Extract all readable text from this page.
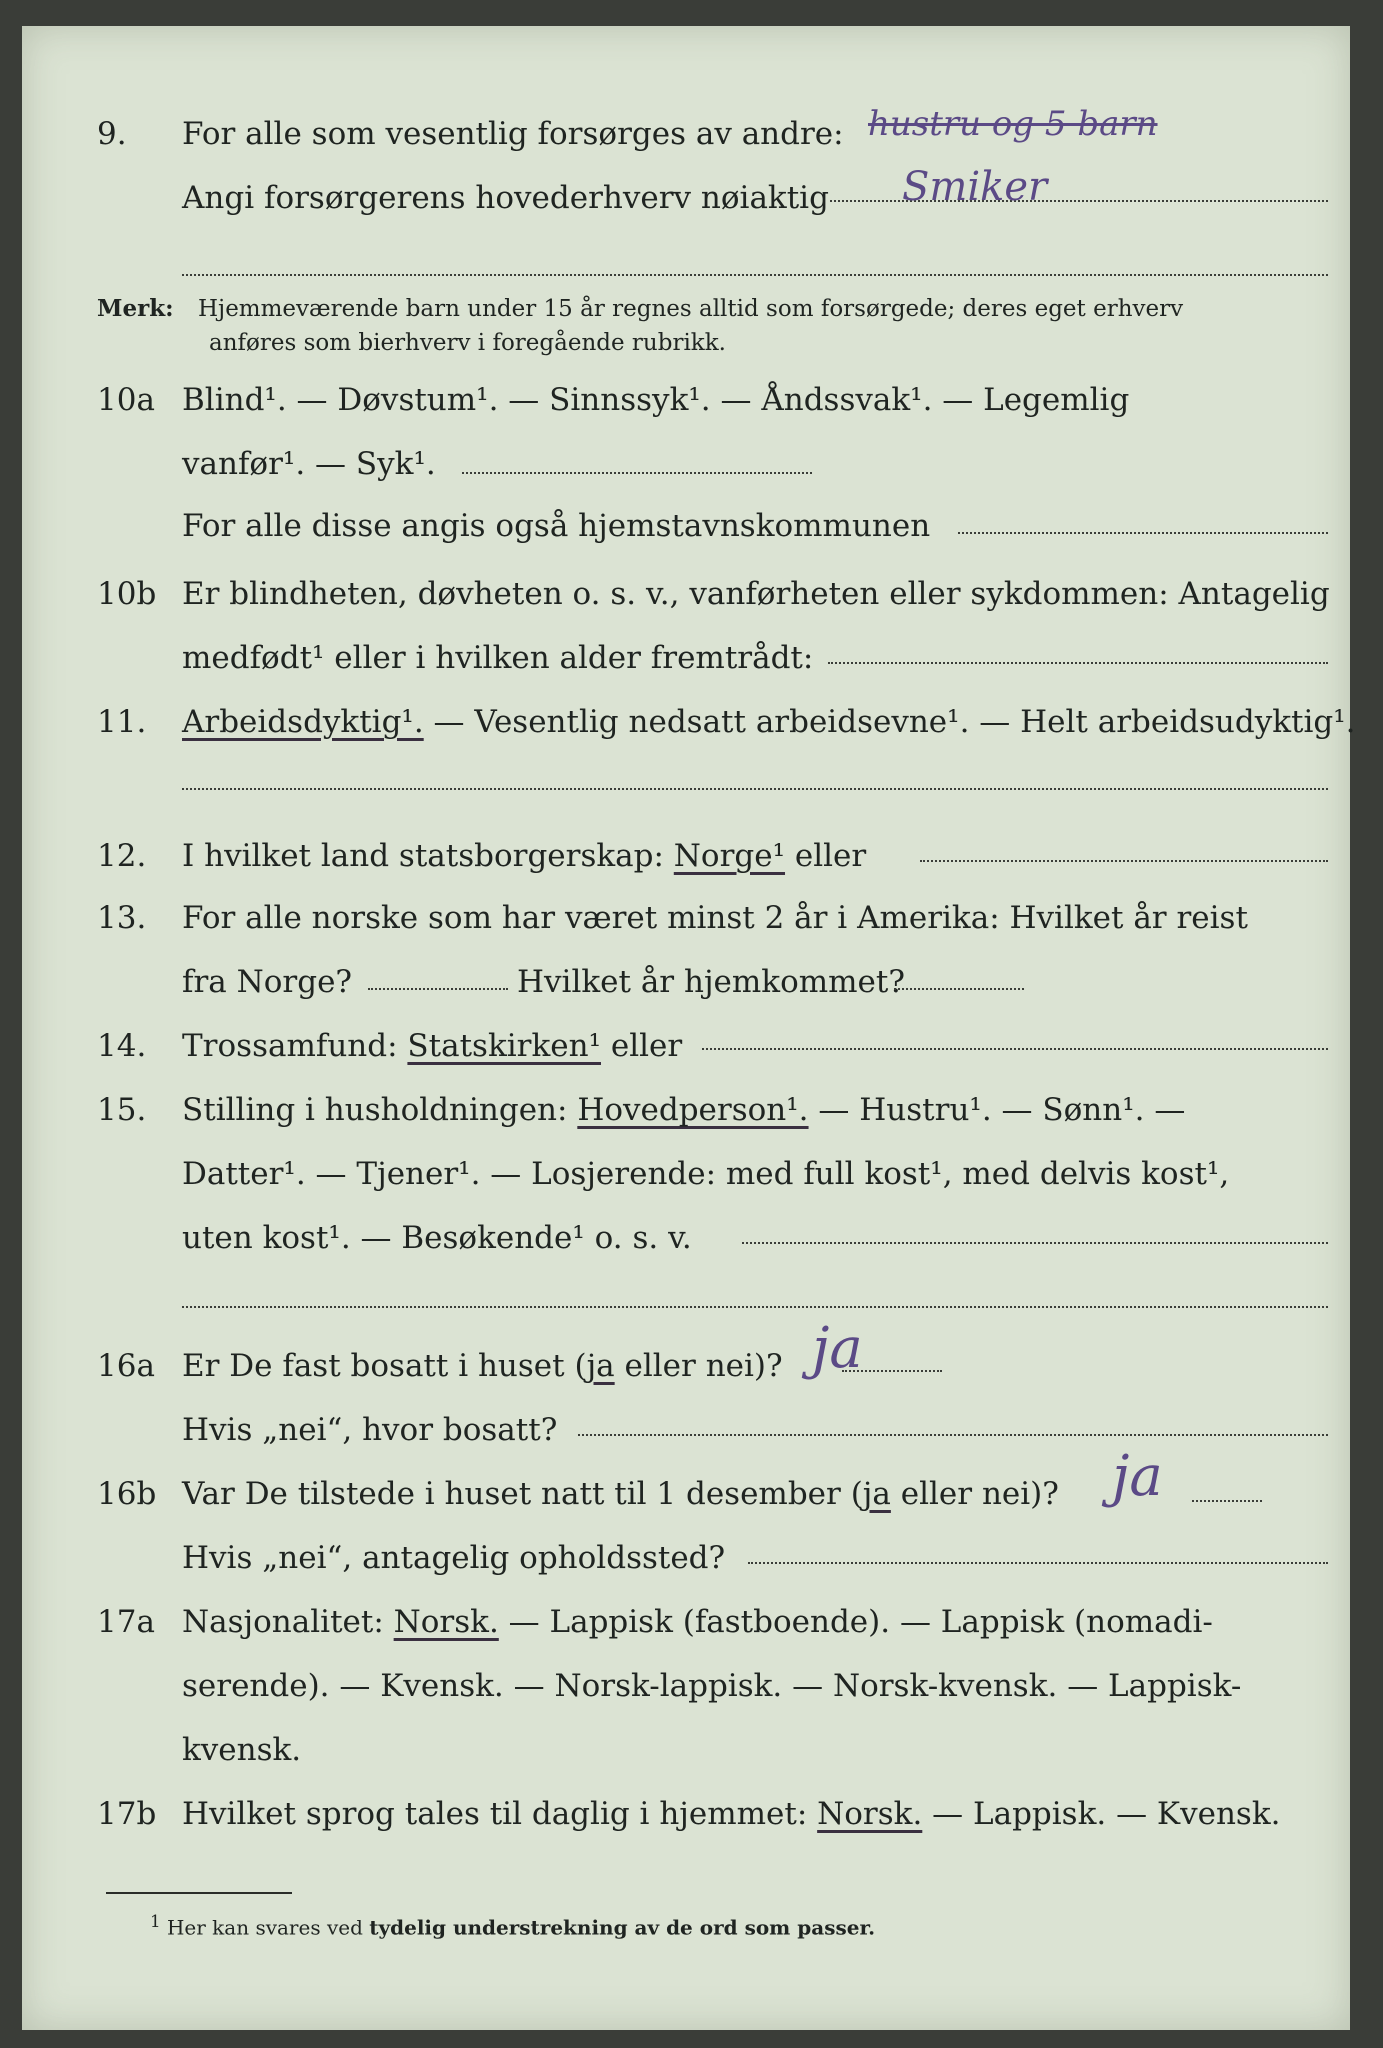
9.	For alle som vesentlig forsørges av andre: hustru og 5 barn
Angi forsørgerens hovederhverv nøiaktig Smiker
Merk: Hjemmeværende barn under 15 år regnes alltid som forsørgede; deres eget erhverv
anføres som bierhverv i foregående rubrikk.
10a Blind¹. — Døvstum¹. — Sinnssyk¹. — Åndssvak¹. — Legemlig
vanfør¹. — Syk¹.
For alle disse angis også hjemstavnskommunen
10b Er blindheten, døvheten o. s. v., vanførheten eller sykdommen: Antagelig
medfødt¹ eller i hvilken alder fremtrådt:
11.	Arbeidsdyktig¹. — Vesentlig nedsatt arbeidsevne¹. — Helt arbeidsudyktig¹.
12.	I hvilket land statsborgerskap: Norge¹ eller
13.	For alle norske som har været minst 2 år i Amerika: Hvilket år reist
fra Norge?	Hvilket år hjemkommet?
14.	Trossamfund: Statskirken¹ eller
15.	Stilling i husholdningen: Hovedperson¹. — Hustru¹. — Sønn¹. —
Datter¹. — Tjener¹. — Losjerende: med full kost¹, med delvis kost¹,
uten kost¹. — Besøkende¹ o. s. v.
16a Er De fast bosatt i huset (ja eller nei)? ja
Hvis „nei“, hvor bosatt?
16b Var De tilstede i huset natt til 1 desember (ja eller nei)? ja
Hvis „nei“, antagelig opholdssted?
17a Nasjonalitet: Norsk. — Lappisk (fastboende). — Lappisk (nomadi-
serende). — Kvensk. — Norsk-lappisk. — Norsk-kvensk. — Lappisk-
kvensk.
17b Hvilket sprog tales til daglig i hjemmet: Norsk. — Lappisk. — Kvensk.
$^1$ Her kan svares ved tydelig understrekning av de ord som passer.
